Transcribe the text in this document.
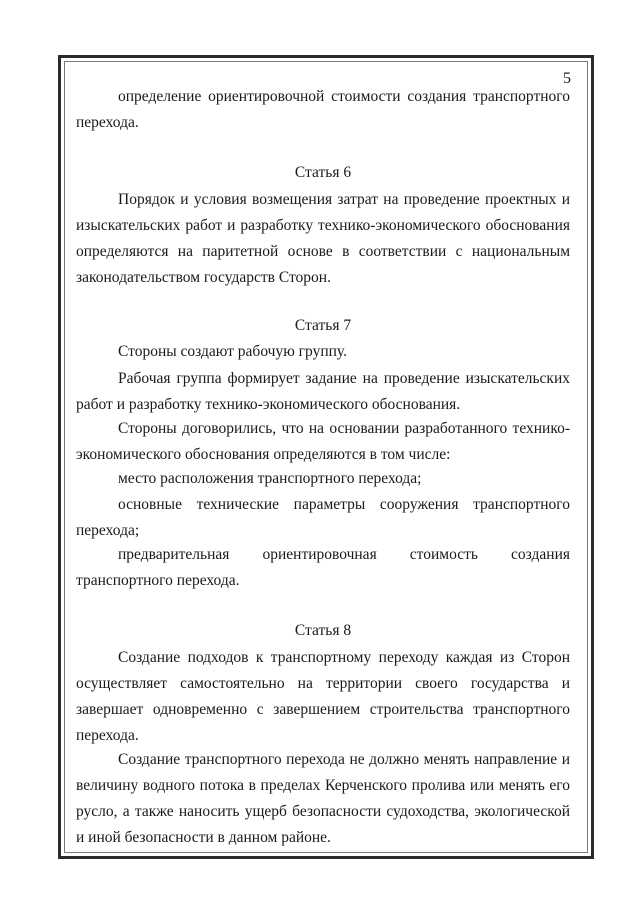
5

определение ориентировочной стоимости создания транспортного перехода.

Статья 6

Порядок и условия возмещения затрат на проведение проектных и изыскательских работ и разработку технико-экономического обоснования определяются на паритетной основе в соответствии с национальным законодательством государств Сторон.

Статья 7

Стороны создают рабочую группу.

Рабочая группа формирует задание на проведение изыскательских работ и разработку технико-экономического обоснования.

Стороны договорились, что на основании разработанного технико-экономического обоснования определяются в том числе:

место расположения транспортного перехода;

основные технические параметры сооружения транспортного перехода;

предварительная ориентировочная стоимость создания транспортного перехода.

Статья 8

Создание подходов к транспортному переходу каждая из Сторон осуществляет самостоятельно на территории своего государства и завершает одновременно с завершением строительства транспортного перехода.

Создание транспортного перехода не должно менять направление и величину водного потока в пределах Керченского пролива или менять его русло, а также наносить ущерб безопасности судоходства, экологической и иной безопасности в данном районе.
